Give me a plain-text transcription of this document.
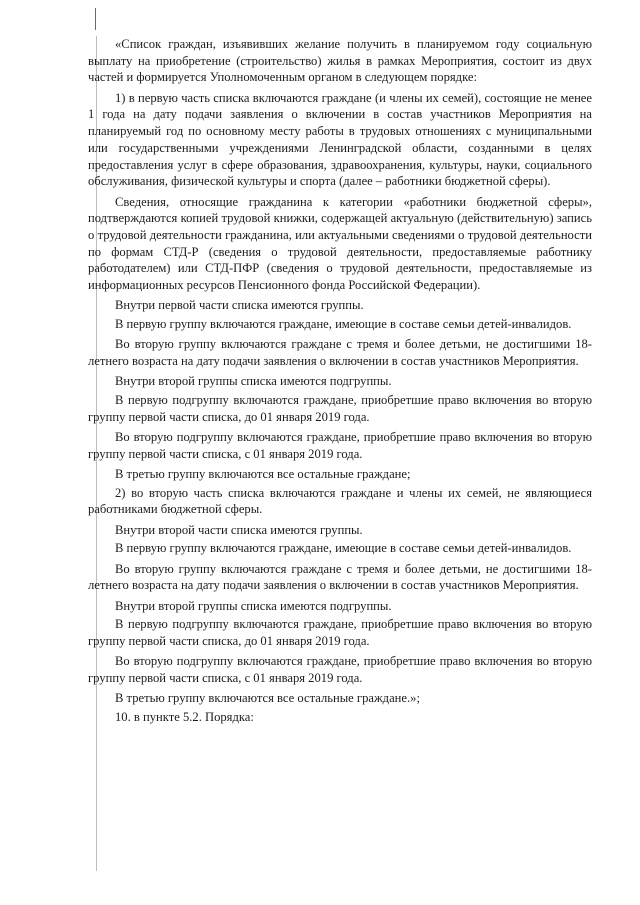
«Список граждан, изъявивших желание получить в планируемом году социальную выплату на приобретение (строительство) жилья в рамках Мероприятия, состоит из двух частей и формируется Уполномоченным органом в следующем порядке:

1) в первую часть списка включаются граждане (и члены их семей), состоящие не менее 1 года на дату подачи заявления о включении в состав участников Мероприятия на планируемый год по основному месту работы в трудовых отношениях с муниципальными или государственными учреждениями Ленинградской области, созданными в целях предоставления услуг в сфере образования, здравоохранения, культуры, науки, социального обслуживания, физической культуры и спорта (далее – работники бюджетной сферы).

Сведения, относящие гражданина к категории «работники бюджетной сферы», подтверждаются копией трудовой книжки, содержащей актуальную (действительную) запись о трудовой деятельности гражданина, или актуальными сведениями о трудовой деятельности по формам СТД-Р (сведения о трудовой деятельности, предоставляемые работнику работодателем) или СТД-ПФР (сведения о трудовой деятельности, предоставляемые из информационных ресурсов Пенсионного фонда Российской Федерации).

Внутри первой части списка имеются группы.

В первую группу включаются граждане, имеющие в составе семьи детей-инвалидов.

Во вторую группу включаются граждане с тремя и более детьми, не достигшими 18-летнего возраста на дату подачи заявления о включении в состав участников Мероприятия.

Внутри второй группы списка имеются подгруппы.

В первую подгруппу включаются граждане, приобретшие право включения во вторую группу первой части списка, до 01 января 2019 года.

Во вторую подгруппу включаются граждане, приобретшие право включения во вторую группу первой части списка, с 01 января 2019 года.

В третью группу включаются все остальные граждане;

2) во вторую часть списка включаются граждане и члены их семей, не являющиеся работниками бюджетной сферы.

Внутри второй части списка имеются группы.

В первую группу включаются граждане, имеющие в составе семьи детей-инвалидов.

Во вторую группу включаются граждане с тремя и более детьми, не достигшими 18-летнего возраста на дату подачи заявления о включении в состав участников Мероприятия.

Внутри второй группы списка имеются подгруппы.

В первую подгруппу включаются граждане, приобретшие право включения во вторую группу первой части списка, до 01 января 2019 года.

Во вторую подгруппу включаются граждане, приобретшие право включения во вторую группу первой части списка, с 01 января 2019 года.

В третью группу включаются все остальные граждане.»;

10. в пункте 5.2. Порядка:
